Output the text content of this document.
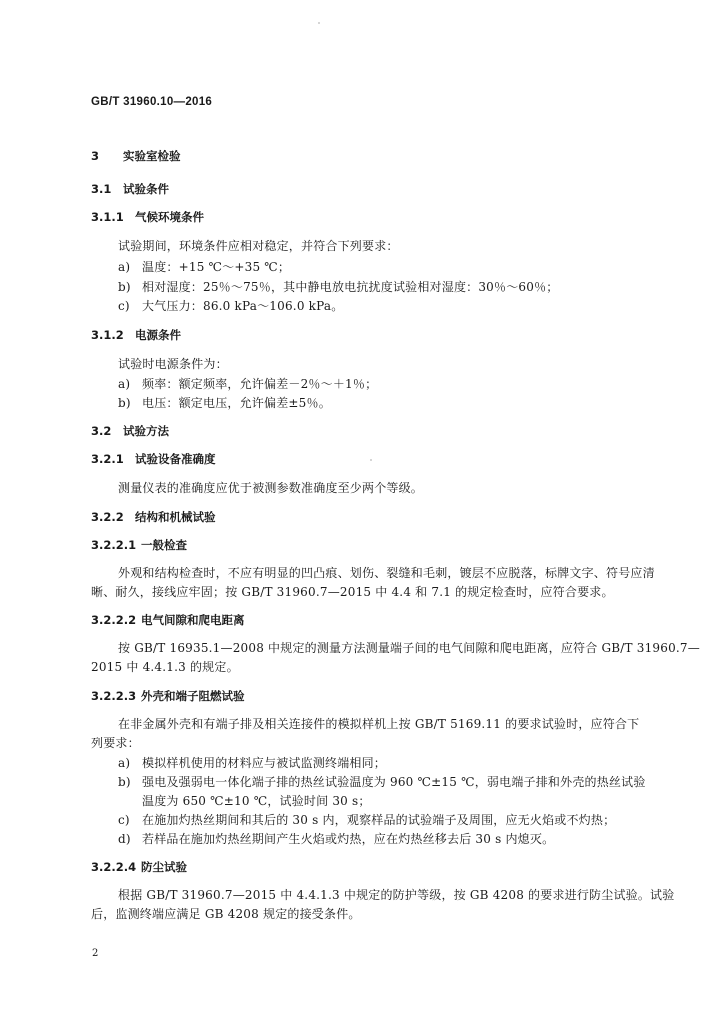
GB/T 31960.10—2016
3 实验室检验
3.1 试验条件
3.1.1 气候环境条件
试验期间，环境条件应相对稳定，并符合下列要求：
a) 温度：+15 ℃～+35 ℃；
b) 相对湿度：25％～75％，其中静电放电抗扰度试验相对湿度：30％～60％；
c) 大气压力：86.0 kPa～106.0 kPa。
3.1.2 电源条件
试验时电源条件为：
a) 频率：额定频率，允许偏差－2％～＋1％；
b) 电压：额定电压，允许偏差±5％。
3.2 试验方法
3.2.1 试验设备准确度
测量仪表的准确度应优于被测参数准确度至少两个等级。
3.2.2 结构和机械试验
3.2.2.1 一般检查
外观和结构检查时，不应有明显的凹凸痕、划伤、裂缝和毛刺，镀层不应脱落，标牌文字、符号应清
晰、耐久，接线应牢固；按 GB/T 31960.7—2015 中 4.4 和 7.1 的规定检查时，应符合要求。
3.2.2.2 电气间隙和爬电距离
按 GB/T 16935.1—2008 中规定的测量方法测量端子间的电气间隙和爬电距离，应符合 GB/T 31960.7—
2015 中 4.4.1.3 的规定。
3.2.2.3 外壳和端子阻燃试验
在非金属外壳和有端子排及相关连接件的模拟样机上按 GB/T 5169.11 的要求试验时，应符合下
列要求：
a) 模拟样机使用的材料应与被试监测终端相同；
b) 强电及强弱电一体化端子排的热丝试验温度为 960 ℃±15 ℃，弱电端子排和外壳的热丝试验
温度为 650 ℃±10 ℃，试验时间 30 s；
c) 在施加灼热丝期间和其后的 30 s 内，观察样品的试验端子及周围，应无火焰或不灼热；
d) 若样品在施加灼热丝期间产生火焰或灼热，应在灼热丝移去后 30 s 内熄灭。
3.2.2.4 防尘试验
根据 GB/T 31960.7—2015 中 4.4.1.3 中规定的防护等级，按 GB 4208 的要求进行防尘试验。试验
后，监测终端应满足 GB 4208 规定的接受条件。
2
